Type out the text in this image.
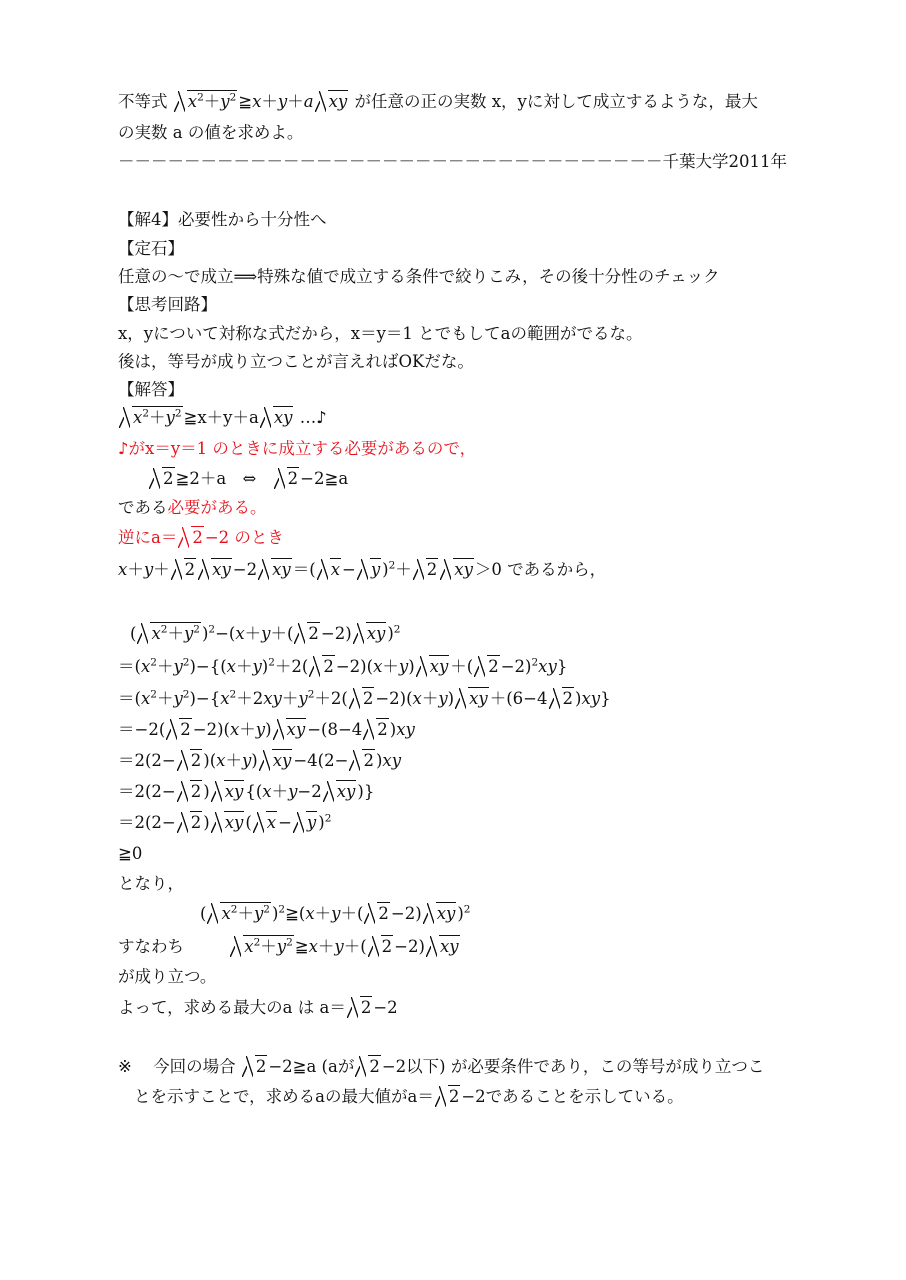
不等式 $x^2+y^2$ ≧x＋y＋a xy が任意の正の実数 x，yに対して成立するような，最大
の実数 a の値を求めよ。
－－－－－－－－－－－－－－－－－－－－－－－－－－－－－－－－－千葉大学2011年
【解4】必要性から十分性へ
【定石】
任意の～で成立⟹特殊な値で成立する条件で絞りこみ，その後十分性のチェック
【思考回路】
x，yについて対称な式だから，x＝y＝1 とでもしてaの範囲がでるな。
後は，等号が成り立つことが言えればOKだな。
【解答】
$x^2+y^2$ ≧x＋y＋a xy …♪
♪がx＝y＝1 のときに成立する必要があるので，
2 ≧2＋a ⇔ 2 −2≧a
である必要がある。
逆にa＝ 2 −2 のとき
x＋y＋ 2 xy −2 xy ＝( x − y )$^2$＋ 2 xy ＞0 であるから，
( $x^2+y^2$ )$^2$−(x＋y＋( 2 −2) xy )$^2$
$=(x^2+y^2)-\{(x+y)^2+2$( 2 −2)(x＋y) xy ＋( 2 −2)$^2$xy}
$=(x^2+y^2)-\{x^2+2xy+y^2+2$( 2 −2)(x＋y) xy ＋(6−4 2 )xy}
＝−2( 2 −2)(x＋y) xy −(8−4 2 )xy
＝2(2− 2 )(x＋y) xy −4(2− 2 )xy
＝2(2− 2 ) xy {(x＋y−2 xy )}
＝2(2− 2 ) xy ( x − y )$^2$
≧0
となり，
( $x^2+y^2$ )$^2$≧(x＋y＋( 2 −2) xy )$^2$
すなわち	$x^2+y^2$ ≧x＋y＋( 2 −2) xy
が成り立つ。
よって，求める最大のa は a＝ 2 −2
※ 今回の場合 2 −2≧a (aが 2 −2以下) が必要条件であり，この等号が成り立つこ
とを示すことで，求めるaの最大値がa＝ 2 −2であることを示している。
